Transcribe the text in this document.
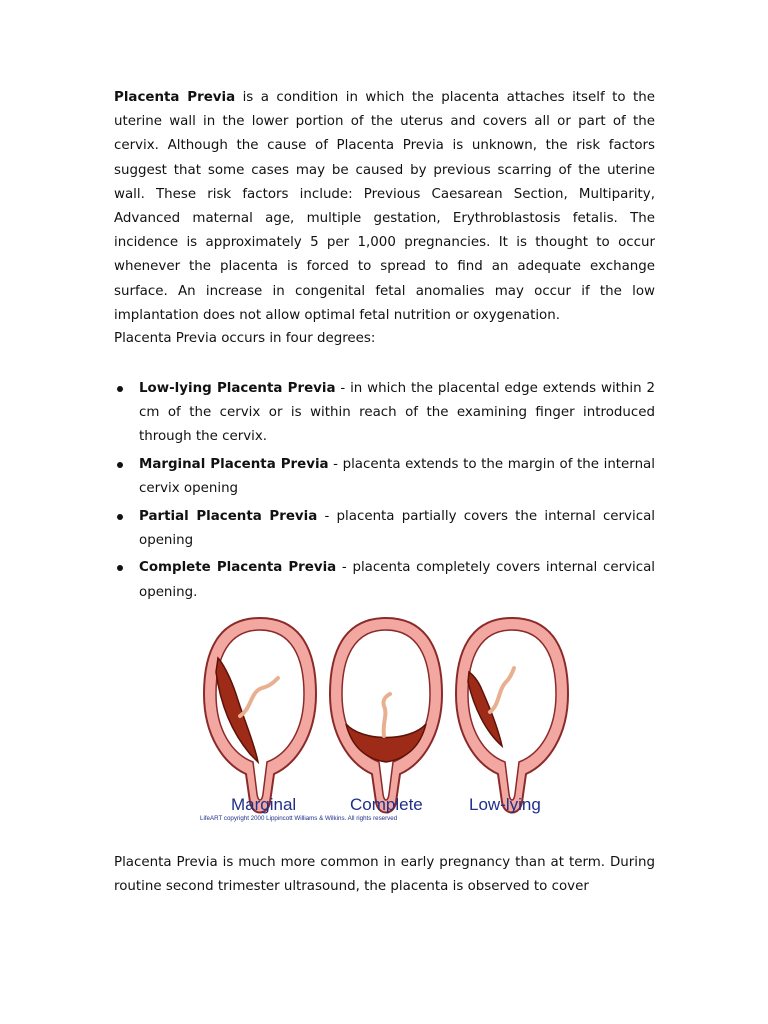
Placenta Previa is a condition in which the placenta attaches itself to the uterine wall in the lower portion of the uterus and covers all or part of the cervix. Although the cause of Placenta Previa is unknown, the risk factors suggest that some cases may be caused by previous scarring of the uterine wall. These risk factors include: Previous Caesarean Section, Multiparity, Advanced maternal age, multiple gestation, Erythroblastosis fetalis. The incidence is approximately 5 per 1,000 pregnancies. It is thought to occur whenever the placenta is forced to spread to find an adequate exchange surface. An increase in congenital fetal anomalies may occur if the low implantation does not allow optimal fetal nutrition or oxygenation.

Placenta Previa occurs in four degrees:

Low-lying Placenta Previa - in which the placental edge extends within 2 cm of the cervix or is within reach of the examining finger introduced through the cervix.
Marginal Placenta Previa - placenta extends to the margin of the internal cervix opening
Partial Placenta Previa - placenta partially covers the internal cervical opening
Complete Placenta Previa - placenta completely covers internal cervical opening.
Marginal	Complete	Low-lying
LifeART copyright 2000 Lippincott Williams & Wilkins. All rights reserved

Placenta Previa is much more common in early pregnancy than at term. During routine second trimester ultrasound, the placenta is observed to cover
